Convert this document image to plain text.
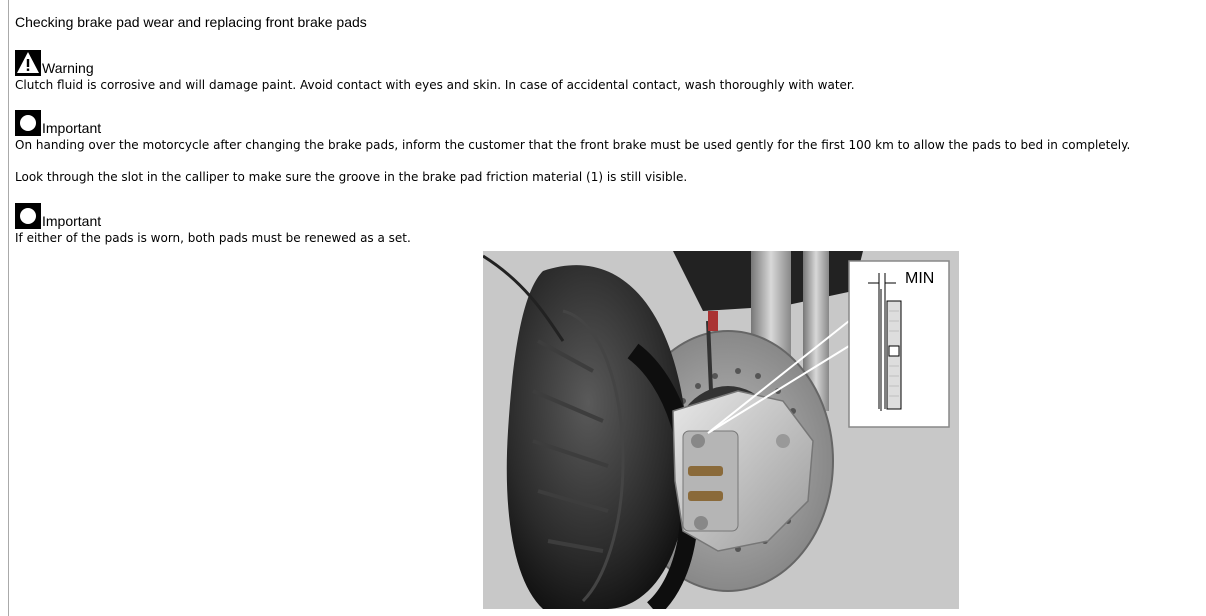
Checking brake pad wear and replacing front brake pads
Warning
Clutch fluid is corrosive and will damage paint. Avoid contact with eyes and skin. In case of accidental contact, wash thoroughly with water.
Important
On handing over the motorcycle after changing the brake pads, inform the customer that the front brake must be used gently for the first 100 km to allow the pads to bed in completely.
Look through the slot in the calliper to make sure the groove in the brake pad friction material (1) is still visible.
Important
If either of the pads is worn, both pads must be renewed as a set.
MIN
